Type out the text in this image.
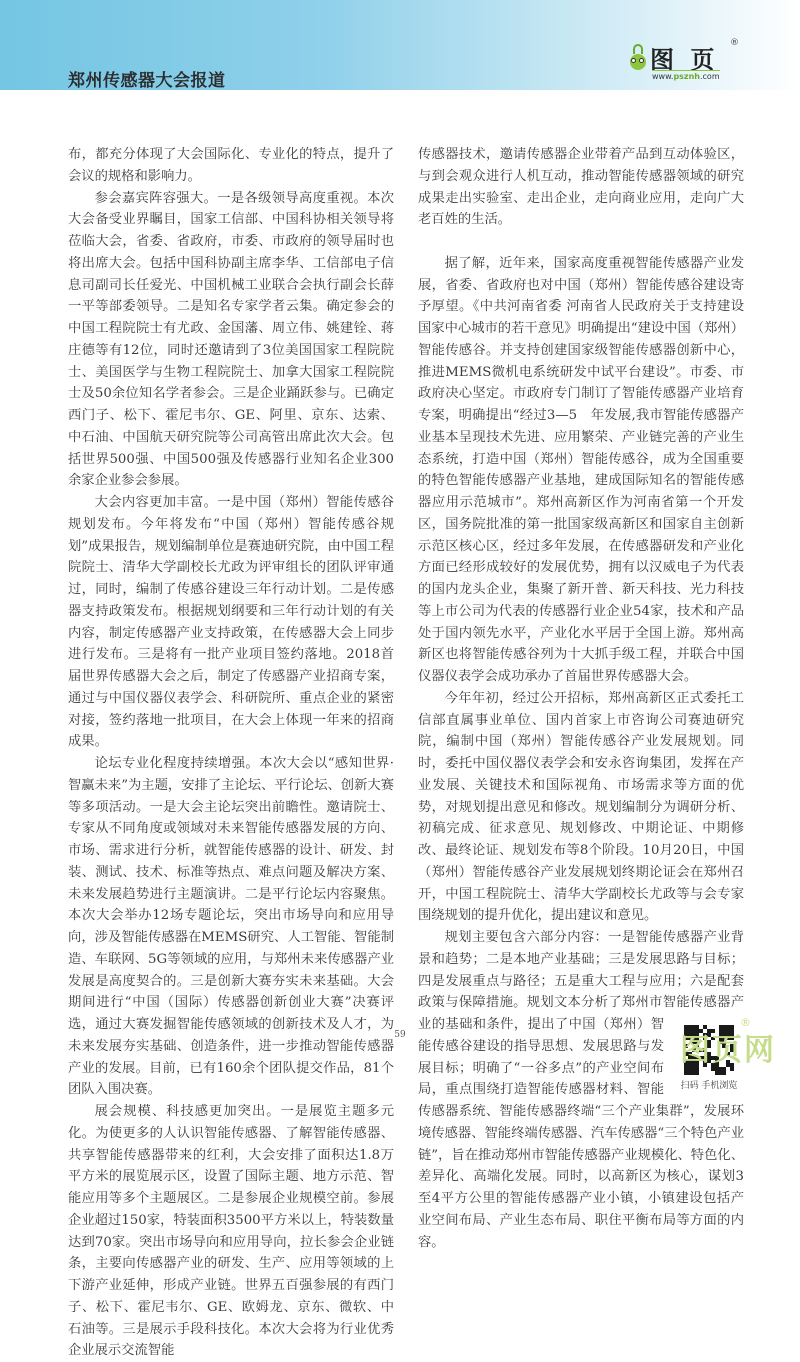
郑州传感器大会报道
图 页
®
www.psznh.com

布，都充分体现了大会国际化、专业化的特点，提升了会议的规格和影响力。

参会嘉宾阵容强大。一是各级领导高度重视。本次大会备受业界瞩目，国家工信部、中国科协相关领导将莅临大会，省委、省政府，市委、市政府的领导届时也将出席大会。包括中国科协副主席李华、工信部电子信息司副司长任爱光、中国机械工业联合会执行副会长薛一平等部委领导。二是知名专家学者云集。确定参会的中国工程院院士有尤政、金国藩、周立伟、姚建铨、蒋庄德等有12位，同时还邀请到了3位美国国家工程院院士、美国医学与生物工程院院士、加拿大国家工程院院士及50余位知名学者参会。三是企业踊跃参与。已确定西门子、松下、霍尼韦尔、GE、阿里、京东、达索、中石油、中国航天研究院等公司高管出席此次大会。包括世界500强、中国500强及传感器行业知名企业300余家企业参会参展。

大会内容更加丰富。一是中国（郑州）智能传感谷规划发布。今年将发布“中国（郑州）智能传感谷规划”成果报告，规划编制单位是赛迪研究院，由中国工程院院士、清华大学副校长尤政为评审组长的团队评审通过，同时，编制了传感谷建设三年行动计划。二是传感器支持政策发布。根据规划纲要和三年行动计划的有关内容，制定传感器产业支持政策，在传感器大会上同步进行发布。三是将有一批产业项目签约落地。2018首届世界传感器大会之后，制定了传感器产业招商专案，通过与中国仪器仪表学会、科研院所、重点企业的紧密对接，签约落地一批项目，在大会上体现一年来的招商成果。

论坛专业化程度持续增强。本次大会以“感知世界·智赢未来”为主题，安排了主论坛、平行论坛、创新大赛等多项活动。一是大会主论坛突出前瞻性。邀请院士、专家从不同角度或领域对未来智能传感器发展的方向、市场、需求进行分析，就智能传感器的设计、研发、封装、测试、技术、标准等热点、难点问题及解决方案、未来发展趋势进行主题演讲。二是平行论坛内容聚焦。本次大会举办12场专题论坛，突出市场导向和应用导向，涉及智能传感器在MEMS研究、人工智能、智能制造、车联网、5G等领域的应用，与郑州未来传感器产业发展是高度契合的。三是创新大赛夯实未来基础。大会期间进行“中国（国际）传感器创新创业大赛”决赛评选，通过大赛发掘智能传感领域的创新技术及人才，为未来发展夯实基础、创造条件，进一步推动智能传感器产业的发展。目前，已有160余个团队提交作品，81个团队入围决赛。

展会规模、科技感更加突出。一是展览主题多元化。为使更多的人认识智能传感器、了解智能传感器、共享智能传感器带来的红利，大会安排了面积达1.8万平方米的展览展示区，设置了国际主题、地方示范、智能应用等多个主题展区。二是参展企业规模空前。参展企业超过150家，特装面积3500平方米以上，特装数量达到70家。突出市场导向和应用导向，拉长参会企业链条，主要向传感器产业的研发、生产、应用等领域的上下游产业延伸，形成产业链。世界五百强参展的有西门子、松下、霍尼韦尔、GE、欧姆龙、京东、微软、中石油等。三是展示手段科技化。本次大会将为行业优秀企业展示交流智能

传感器技术，邀请传感器企业带着产品到互动体验区，与到会观众进行人机互动，推动智能传感器领域的研究成果走出实验室、走出企业，走向商业应用，走向广大老百姓的生活。

据了解，近年来，国家高度重视智能传感器产业发展，省委、省政府也对中国（郑州）智能传感谷建设寄予厚望。《中共河南省委 河南省人民政府关于支持建设国家中心城市的若干意见》明确提出“建设中国（郑州）智能传感谷。并支持创建国家级智能传感器创新中心，推进MEMS微机电系统研发中试平台建设”。市委、市政府决心坚定。市政府专门制订了智能传感器产业培育专案，明确提出“经过3—5　年发展,我市智能传感器产业基本呈现技术先进、应用繁荣、产业链完善的产业生态系统，打造中国（郑州）智能传感谷，成为全国重要的特色智能传感器产业基地，建成国际知名的智能传感器应用示范城市”。郑州高新区作为河南省第一个开发区，国务院批准的第一批国家级高新区和国家自主创新示范区核心区，经过多年发展，在传感器研发和产业化方面已经形成较好的发展优势，拥有以汉威电子为代表的国内龙头企业，集聚了新开普、新天科技、光力科技等上市公司为代表的传感器行业企业54家，技术和产品处于国内领先水平，产业化水平居于全国上游。郑州高新区也将智能传感谷列为十大抓手级工程，并联合中国仪器仪表学会成功承办了首届世界传感器大会。

今年年初，经过公开招标，郑州高新区正式委托工信部直属事业单位、国内首家上市咨询公司赛迪研究院，编制中国（郑州）智能传感谷产业发展规划。同时，委托中国仪器仪表学会和安永咨询集团，发挥在产业发展、关键技术和国际视角、市场需求等方面的优势，对规划提出意见和修改。规划编制分为调研分析、初稿完成、征求意见、规划修改、中期论证、中期修改、最终论证、规划发布等8个阶段。10月20日，中国（郑州）智能传感谷产业发展规划终期论证会在郑州召开，中国工程院院士、清华大学副校长尤政等与会专家围绕规划的提升优化，提出建议和意见。

扫码 手机浏览

规划主要包含六部分内容：一是智能传感器产业背景和趋势；二是本地产业基础；三是发展思路与目标；四是发展重点与路径；五是重大工程与应用；六是配套政策与保障措施。规划文本分析了郑州市智能传感器产业的基础和条件，提出了中国（郑州）智能传感谷建设的指导思想、发展思路与发展目标；明确了“一谷多点”的产业空间布局，重点围绕打造智能传感器材料、智能传感器系统、智能传感器终端“三个产业集群”，发展环境传感器、智能终端传感器、汽车传感器“三个特色产业链”，旨在推动郑州市智能传感器产业规模化、特色化、差异化、高端化发展。同时，以高新区为核心，谋划3至4平方公里的智能传感器产业小镇，小镇建设包括产业空间布局、产业生态布局、职住平衡布局等方面的内容。

59	图页网
®
